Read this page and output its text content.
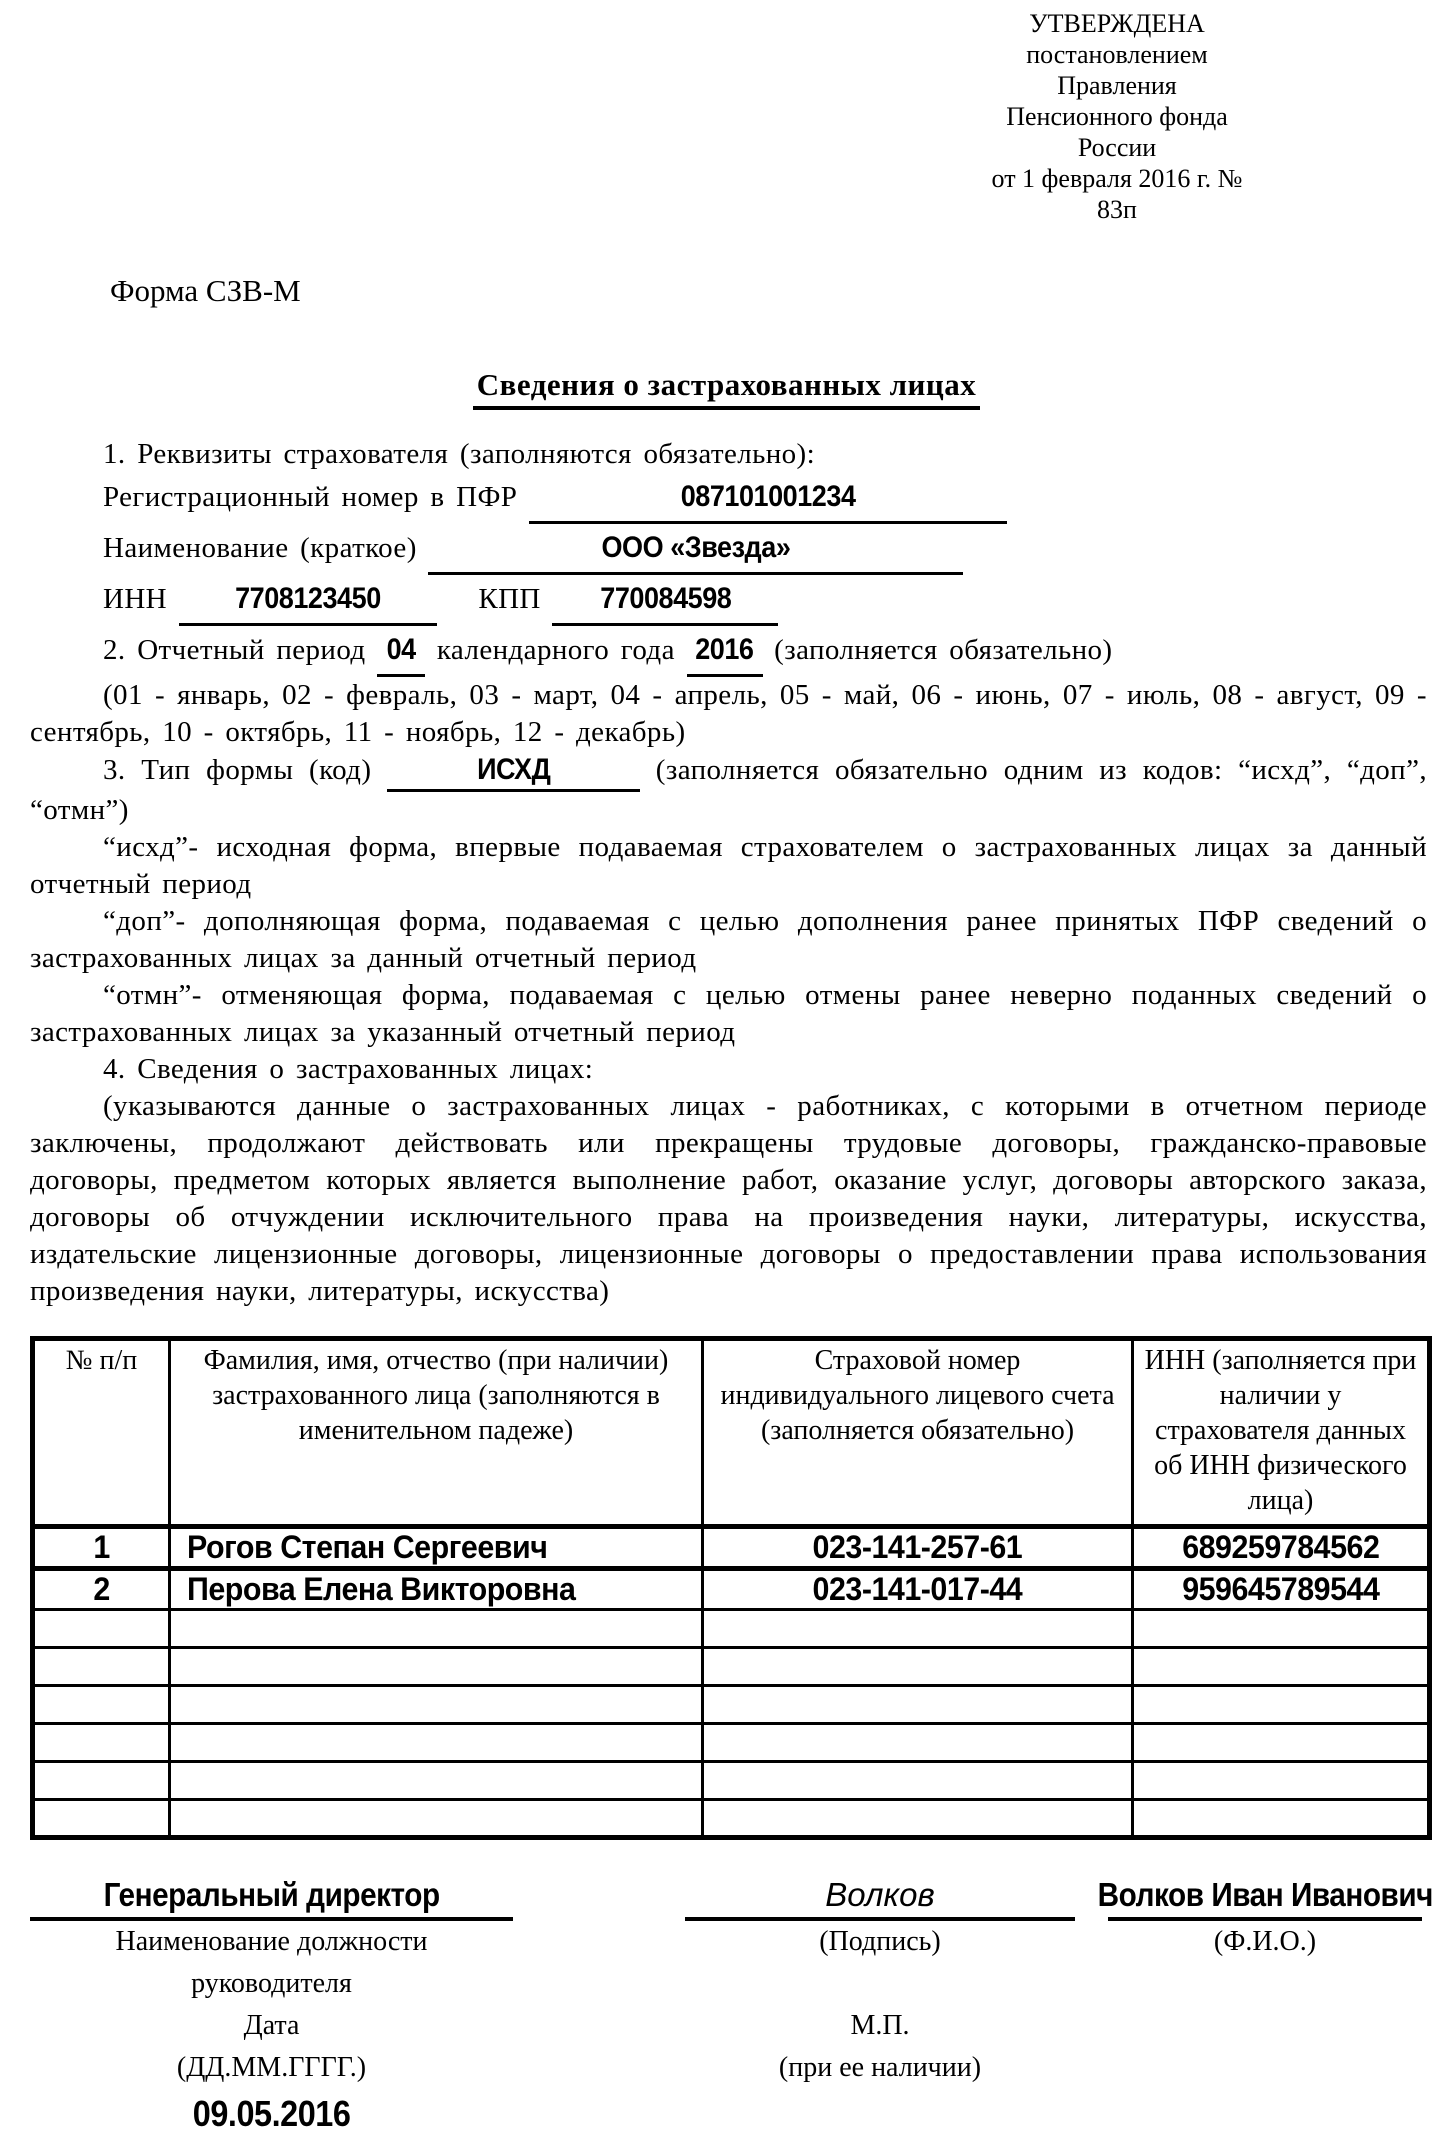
УТВЕРЖДЕНА
постановлением Правления
Пенсионного фонда России
от 1 февраля 2016 г. № 83п
Форма СЗВ-М
Сведения о застрахованных лицах
1. Реквизиты страхователя (заполняются обязательно):
Регистрационный номер в ПФР	087101001234
Наименование (краткое)	ООО «Звезда»
ИНН 7708123450	КПП 770084598
2. Отчетный период 04 календарного года 2016 (заполняется обязательно)
(01 - январь, 02 - февраль, 03 - март, 04 - апрель, 05 - май, 06 - июнь, 07 - июль, 08 - август, 09 - сентябрь, 10 - октябрь, 11 - ноябрь, 12 - декабрь)
3. Тип формы (код)	ИСХД	(заполняется обязательно одним из кодов: “исхд”, “доп”, “отмн”)
“исхд”- исходная форма, впервые подаваемая страхователем о застрахованных лицах за данный отчетный период
“доп”- дополняющая форма, подаваемая с целью дополнения ранее принятых ПФР сведений о застрахованных лицах за данный отчетный период
“отмн”- отменяющая форма, подаваемая с целью отмены ранее неверно поданных сведений о застрахованных лицах за указанный отчетный период
4. Сведения о застрахованных лицах:
(указываются данные о застрахованных лицах - работниках, с которыми в отчетном периоде заключены, продолжают действовать или прекращены трудовые договоры, гражданско-правовые договоры, предметом которых является выполнение работ, оказание услуг, договоры авторского заказа, договоры об отчуждении исключительного права на произведения науки, литературы, искусства, издательские лицензионные договоры, лицензионные договоры о предоставлении права использования произведения науки, литературы, искусства)
№ п/п	Фамилия, имя, отчество (при наличии) застрахованного лица (заполняются в именительном падеже)	Страховой номер индивидуального лицевого счета (заполняется обязательно)	ИНН (заполняется при наличии у страхователя данных об ИНН физического лица)
1	Рогов Степан Сергеевич	023-141-257-61	689259784562
2	Перова Елена Викторовна	023-141-017-44	959645789544

Генеральный директор
Наименование должности руководителя
Дата
(ДД.ММ.ГГГГ.)
09.05.2016
Волков
(Подпись)
М.П.
(при ее наличии)
Волков Иван Иванович
(Ф.И.О.)
